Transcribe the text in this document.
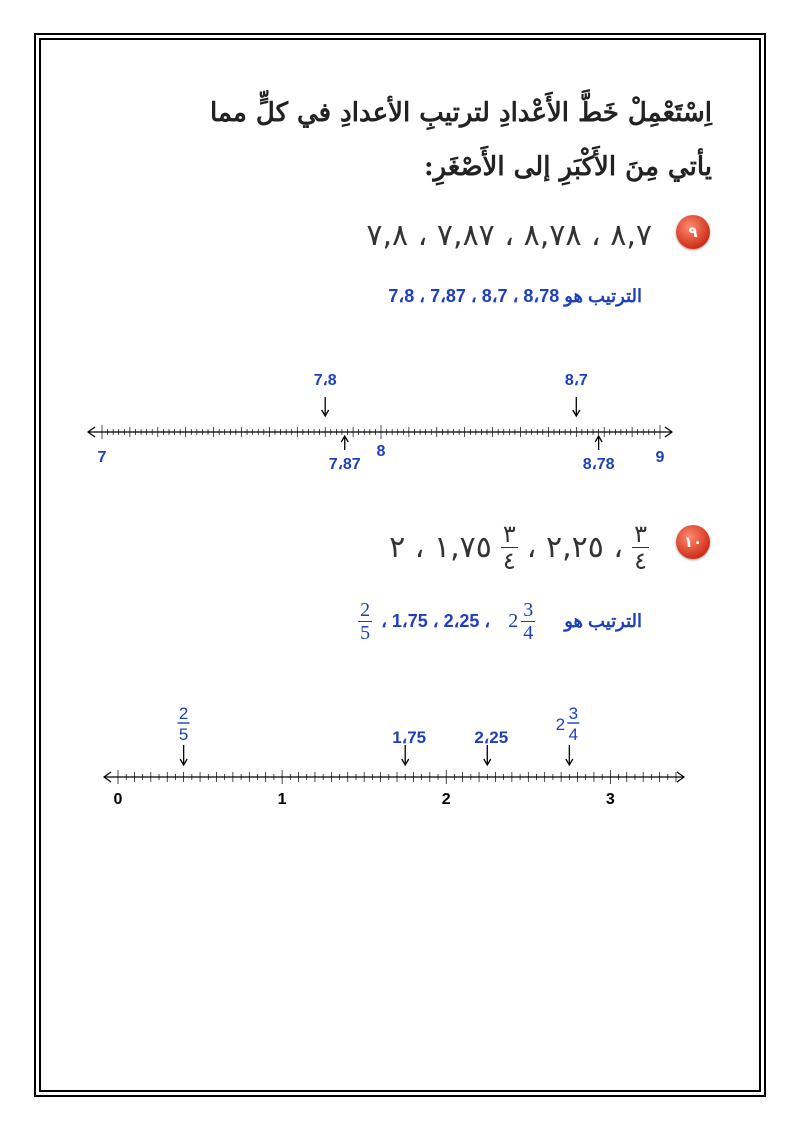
اِسْتَعْمِلْ خَطَّ الأَعْدادِ لترتيبِ الأعدادِ في كلٍّ مما
يأتي مِنَ الأَكْبَرِ إلى الأَصْغَرِ:
٩
٨,٧ ، ٨,٧٨ ، ٧,٨٧ ، ٧,٨
الترتيب هو 8،78 ، 8،7 ، 7،87 ، 7،8
7	8	9
7،8	8،7
7،87	8،78
١٠
$\frac{٣}{٤}$
، ٢,٢٥ ،
$\frac{٣}{٤}$
١,٧٥ ، ٢
الترتيب هو
$2 \frac{3}{4}$
، 2،25 ، 1،75 ،
$\frac{2}{5}$
0	1	2	3
2
5	1،75	2،25
2
3
4
